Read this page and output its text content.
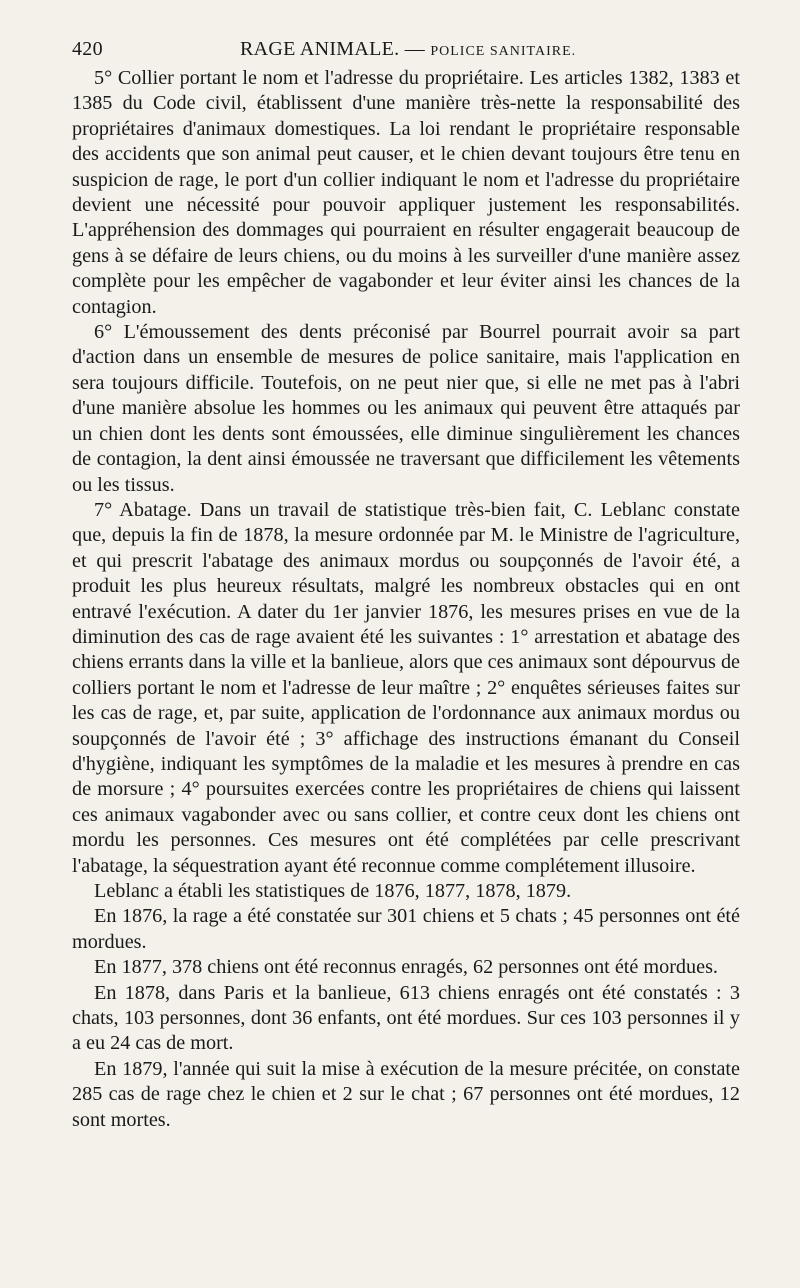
420	RAGE ANIMALE. — POLICE SANITAIRE.

5° Collier portant le nom et l'adresse du propriétaire. Les articles 1382, 1383 et 1385 du Code civil, établissent d'une manière très-nette la responsabilité des propriétaires d'animaux domestiques. La loi rendant le propriétaire responsable des accidents que son animal peut causer, et le chien devant toujours être tenu en suspicion de rage, le port d'un collier indiquant le nom et l'adresse du propriétaire devient une nécessité pour pouvoir appliquer justement les responsabilités. L'appréhension des dommages qui pourraient en résulter engagerait beaucoup de gens à se défaire de leurs chiens, ou du moins à les surveiller d'une manière assez complète pour les empêcher de vagabonder et leur éviter ainsi les chances de la contagion.

6° L'émoussement des dents préconisé par Bourrel pourrait avoir sa part d'action dans un ensemble de mesures de police sanitaire, mais l'application en sera toujours difficile. Toutefois, on ne peut nier que, si elle ne met pas à l'abri d'une manière absolue les hommes ou les animaux qui peuvent être attaqués par un chien dont les dents sont émoussées, elle diminue singulièrement les chances de contagion, la dent ainsi émoussée ne traversant que difficilement les vêtements ou les tissus.

7° Abatage. Dans un travail de statistique très-bien fait, C. Leblanc constate que, depuis la fin de 1878, la mesure ordonnée par M. le Ministre de l'agriculture, et qui prescrit l'abatage des animaux mordus ou soupçonnés de l'avoir été, a produit les plus heureux résultats, malgré les nombreux obstacles qui en ont entravé l'exécution. A dater du 1er janvier 1876, les mesures prises en vue de la diminution des cas de rage avaient été les suivantes : 1° arrestation et abatage des chiens errants dans la ville et la banlieue, alors que ces animaux sont dépourvus de colliers portant le nom et l'adresse de leur maître ; 2° enquêtes sérieuses faites sur les cas de rage, et, par suite, application de l'ordonnance aux animaux mordus ou soupçonnés de l'avoir été ; 3° affichage des instructions émanant du Conseil d'hygiène, indiquant les symptômes de la maladie et les mesures à prendre en cas de morsure ; 4° poursuites exercées contre les propriétaires de chiens qui laissent ces animaux vagabonder avec ou sans collier, et contre ceux dont les chiens ont mordu les personnes. Ces mesures ont été complétées par celle prescrivant l'abatage, la séquestration ayant été reconnue comme complétement illusoire.

Leblanc a établi les statistiques de 1876, 1877, 1878, 1879.

En 1876, la rage a été constatée sur 301 chiens et 5 chats ; 45 personnes ont été mordues.

En 1877, 378 chiens ont été reconnus enragés, 62 personnes ont été mordues.

En 1878, dans Paris et la banlieue, 613 chiens enragés ont été constatés : 3 chats, 103 personnes, dont 36 enfants, ont été mordues. Sur ces 103 personnes il y a eu 24 cas de mort.

En 1879, l'année qui suit la mise à exécution de la mesure précitée, on constate 285 cas de rage chez le chien et 2 sur le chat ; 67 personnes ont été mordues, 12 sont mortes.
